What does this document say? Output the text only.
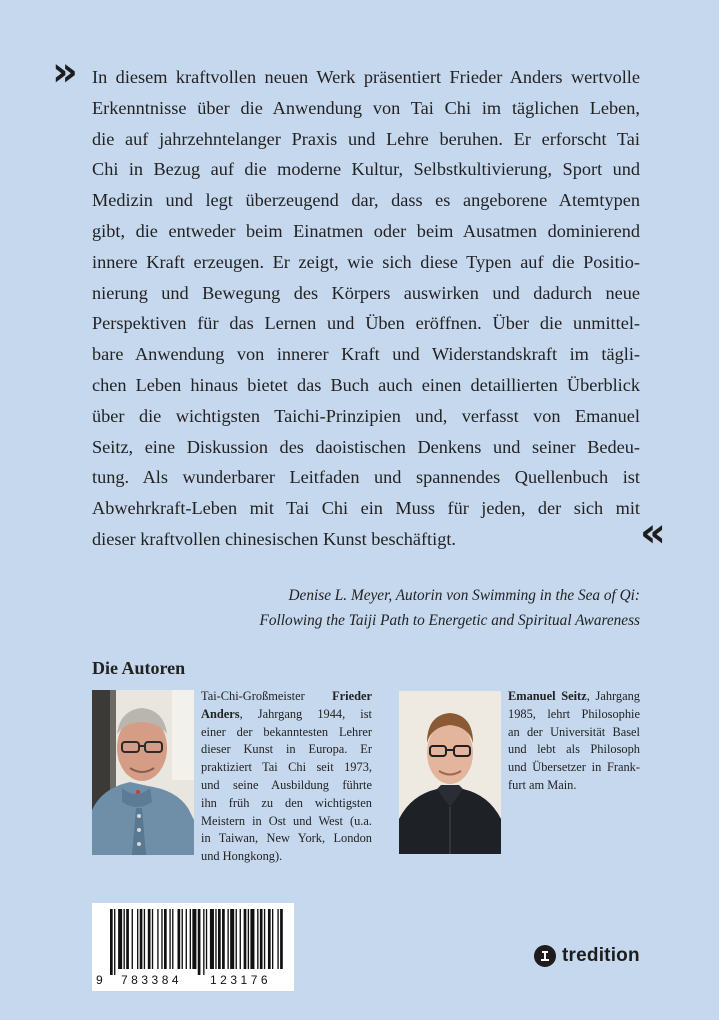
» In diesem kraftvollen neuen Werk präsentiert Frieder Anders wertvolle
Erkenntnisse über die Anwendung von Tai Chi im täglichen Leben,
die auf jahrzehntelanger Praxis und Lehre beruhen. Er erforscht Tai
Chi in Bezug auf die moderne Kultur, Selbstkultivierung, Sport und
Medizin und legt überzeugend dar, dass es angeborene Atemtypen
gibt, die entweder beim Einatmen oder beim Ausatmen dominierend
innere Kraft erzeugen. Er zeigt, wie sich diese Typen auf die Positio-
nierung und Bewegung des Körpers auswirken und dadurch neue
Perspektiven für das Lernen und Üben eröffnen. Über die unmittel-
bare Anwendung von innerer Kraft und Widerstandskraft im tägli-
chen Leben hinaus bietet das Buch auch einen detaillierten Überblick
über die wichtigsten Taichi-Prinzipien und, verfasst von Emanuel
Seitz, eine Diskussion des daoistischen Denkens und seiner Bedeu-
tung. Als wunderbarer Leitfaden und spannendes Quellenbuch ist
Abwehrkraft-Leben mit Tai Chi ein Muss für jeden, der sich mit
dieser kraftvollen chinesischen Kunst beschäftigt.	«
Denise L. Meyer, Autorin von Swimming in the Sea of Qi:
Following the Taiji Path to Energetic and Spiritual Awareness
Die Autoren
Tai-Chi-Großmeister Frieder
Anders, Jahrgang 1944, ist
einer der bekanntesten Lehrer
dieser Kunst in Europa. Er
praktiziert Tai Chi seit 1973,
und seine Ausbildung führte
ihn früh zu den wichtigsten
Meistern in Ost und West (u.a.
in Taiwan, New York, London
und Hongkong).
Emanuel Seitz, Jahrgang
1985, lehrt Philosophie
an der Universität Basel
und lebt als Philosoph
und Übersetzer in Frank-
furt am Main.
9 783384 123176
tredition
